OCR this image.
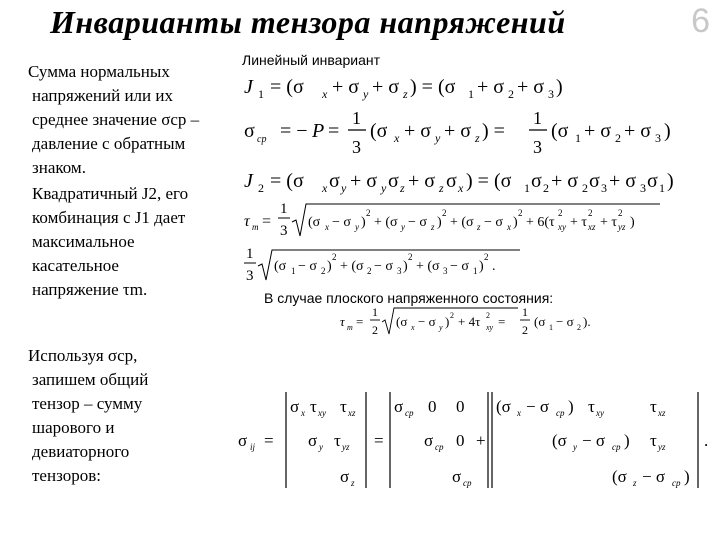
Инварианты тензора напряжений	6
Сумма нормальных
напряжений или их
среднее значение σср –
давление с обратным
знаком.
Квадратичный J2, его
комбинация с J1 дает
максимальное
касательное
напряжение τm.
Используя σср,
запишем общий
тензор – сумму
шарового и
девиаторного
тензоров:
Линейный инвариант
В случае плоского напряженного состояния:
J 1 = (σ x + σ y + σ z ) = (σ 1 + σ 2 + σ 3 )
σ ср = − P =
1
3
(σ x + σ y + σ z ) =
1
3
(σ 1 + σ 2 + σ 3 )
J 2 = (σ x σ y + σ y σ z + σ z σ x ) = (σ 1 σ 2 + σ 2 σ 3 + σ 3 σ 1 )
τ m =
1
3
(σ x − σ y )
2
+ (σ y − σ z )
2
+ (σ z − σ x )
2
+ 6(τ xy
2
+ τ xz
2
+ τ yz
2
)
1
3
(σ 1 − σ 2 )
2
+ (σ 2 − σ 3 )
2
+ (σ 3 − σ 1 )
2
.
τ m =
1
2
(σ x − σ y ) 2 + 4τ xy
2 =
1
2
(σ 1 − σ 2 ).
σ ij =
σ x τ xy τ xz
σ y τ yz
σ z
=
σ ср 0 0
σ ср 0
σ ср
+
(σ x − σ ср ) τ xy	τ xz
(σ y − σ ср ) τ yz .
(σ z − σ ср )
